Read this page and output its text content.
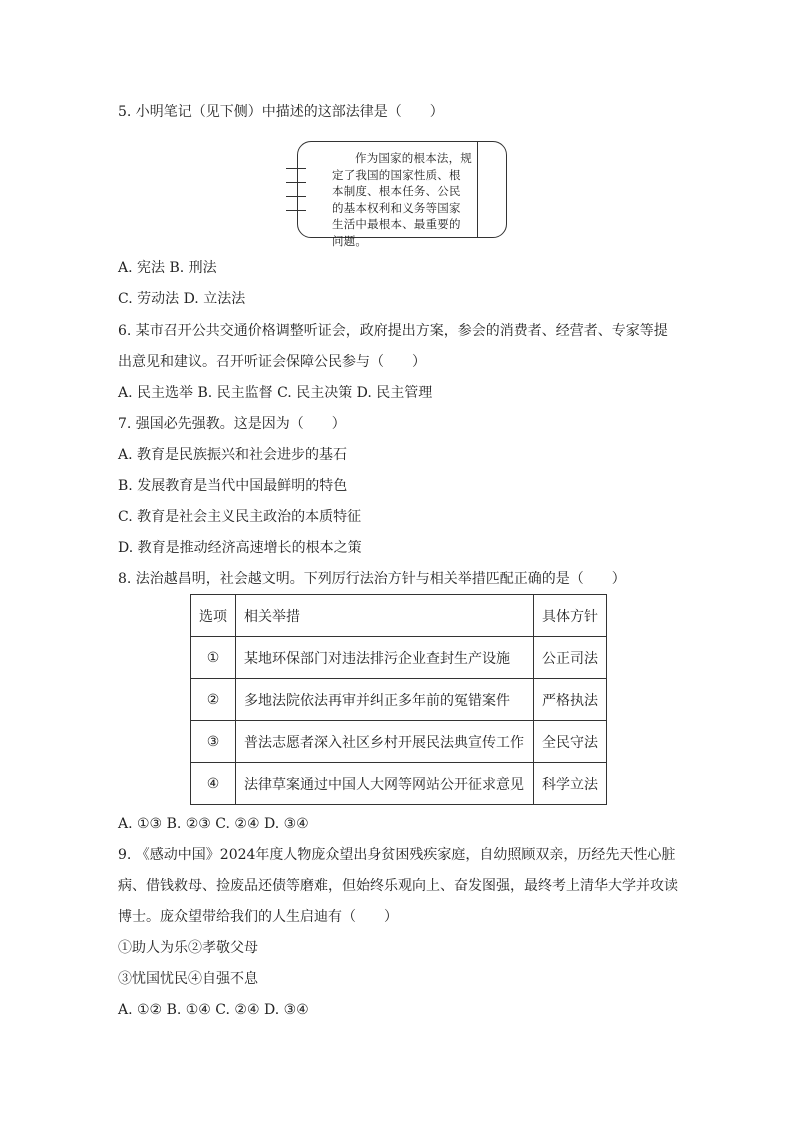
5. 小明笔记（见下侧）中描述的这部法律是（　　）
作为国家的根本法，规定了我国的国家性质、根本制度、根本任务、公民的基本权利和义务等国家生活中最根本、最重要的问题。
A. 宪法 B. 刑法
C. 劳动法 D. 立法法
6. 某市召开公共交通价格调整听证会，政府提出方案，参会的消费者、经营者、专家等提
出意见和建议。召开听证会保障公民参与（　　）
A. 民主选举 B. 民主监督 C. 民主决策 D. 民主管理
7. 强国必先强教。这是因为（　　）
A. 教育是民族振兴和社会进步的基石
B. 发展教育是当代中国最鲜明的特色
C. 教育是社会主义民主政治的本质特征
D. 教育是推动经济高速增长的根本之策
8. 法治越昌明，社会越文明。下列厉行法治方针与相关举措匹配正确的是（　　）
选项	相关举措	具体方针
①	某地环保部门对违法排污企业查封生产设施	公正司法
②	多地法院依法再审并纠正多年前的冤错案件	严格执法
③	普法志愿者深入社区乡村开展民法典宣传工作	全民守法
④	法律草案通过中国人大网等网站公开征求意见	科学立法
A. ①③ B. ②③ C. ②④ D. ③④
9. 《感动中国》2024年度人物庞众望出身贫困残疾家庭，自幼照顾双亲，历经先天性心脏
病、借钱救母、捡废品还债等磨难，但始终乐观向上、奋发图强，最终考上清华大学并攻读
博士。庞众望带给我们的人生启迪有（　　）
①助人为乐②孝敬父母
③忧国忧民④自强不息
A. ①② B. ①④ C. ②④ D. ③④
